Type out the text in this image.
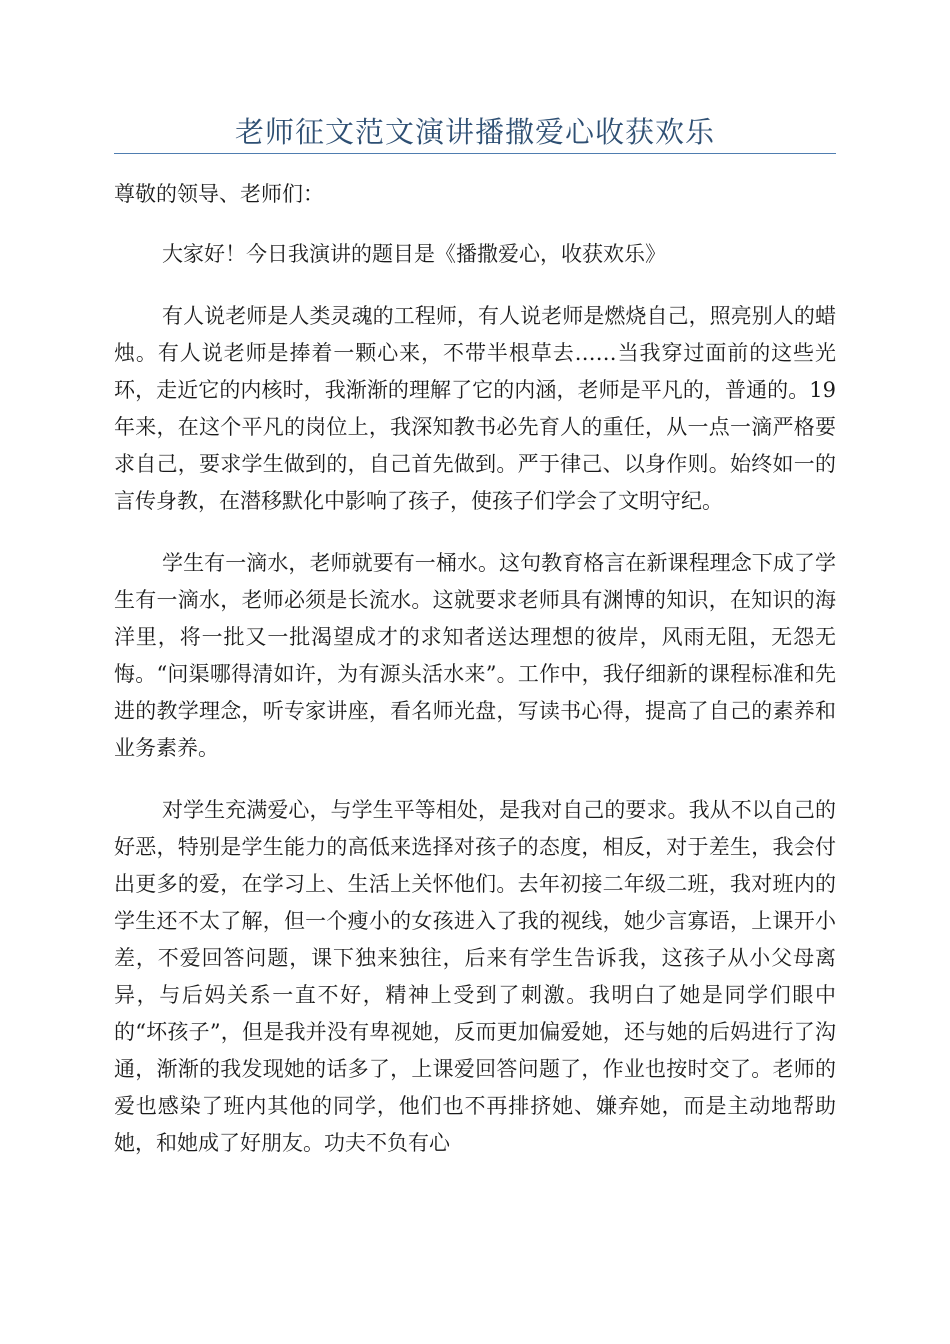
老师征文范文演讲播撒爱心收获欢乐

尊敬的领导、老师们：

大家好！今日我演讲的题目是《播撒爱心，收获欢乐》

有人说老师是人类灵魂的工程师，有人说老师是燃烧自己，照亮别人的蜡烛。有人说老师是捧着一颗心来，不带半根草去……当我穿过面前的这些光环，走近它的内核时，我渐渐的理解了它的内涵，老师是平凡的，普通的。19年来，在这个平凡的岗位上，我深知教书必先育人的重任，从一点一滴严格要求自己，要求学生做到的，自己首先做到。严于律己、以身作则。始终如一的言传身教，在潜移默化中影响了孩子，使孩子们学会了文明守纪。

学生有一滴水，老师就要有一桶水。这句教育格言在新课程理念下成了学生有一滴水，老师必须是长流水。这就要求老师具有渊博的知识，在知识的海洋里，将一批又一批渴望成才的求知者送达理想的彼岸，风雨无阻，无怨无悔。“问渠哪得清如许，为有源头活水来”。工作中，我仔细新的课程标准和先进的教学理念，听专家讲座，看名师光盘，写读书心得，提高了自己的素养和业务素养。

对学生充满爱心，与学生平等相处，是我对自己的要求。我从不以自己的好恶，特别是学生能力的高低来选择对孩子的态度，相反，对于差生，我会付出更多的爱，在学习上、生活上关怀他们。去年初接二年级二班，我对班内的学生还不太了解，但一个瘦小的女孩进入了我的视线，她少言寡语，上课开小差，不爱回答问题，课下独来独往，后来有学生告诉我，这孩子从小父母离异，与后妈关系一直不好，精神上受到了刺激。我明白了她是同学们眼中的“坏孩子”，但是我并没有卑视她，反而更加偏爱她，还与她的后妈进行了沟通，渐渐的我发现她的话多了，上课爱回答问题了，作业也按时交了。老师的爱也感染了班内其他的同学，他们也不再排挤她、嫌弃她，而是主动地帮助她，和她成了好朋友。功夫不负有心
